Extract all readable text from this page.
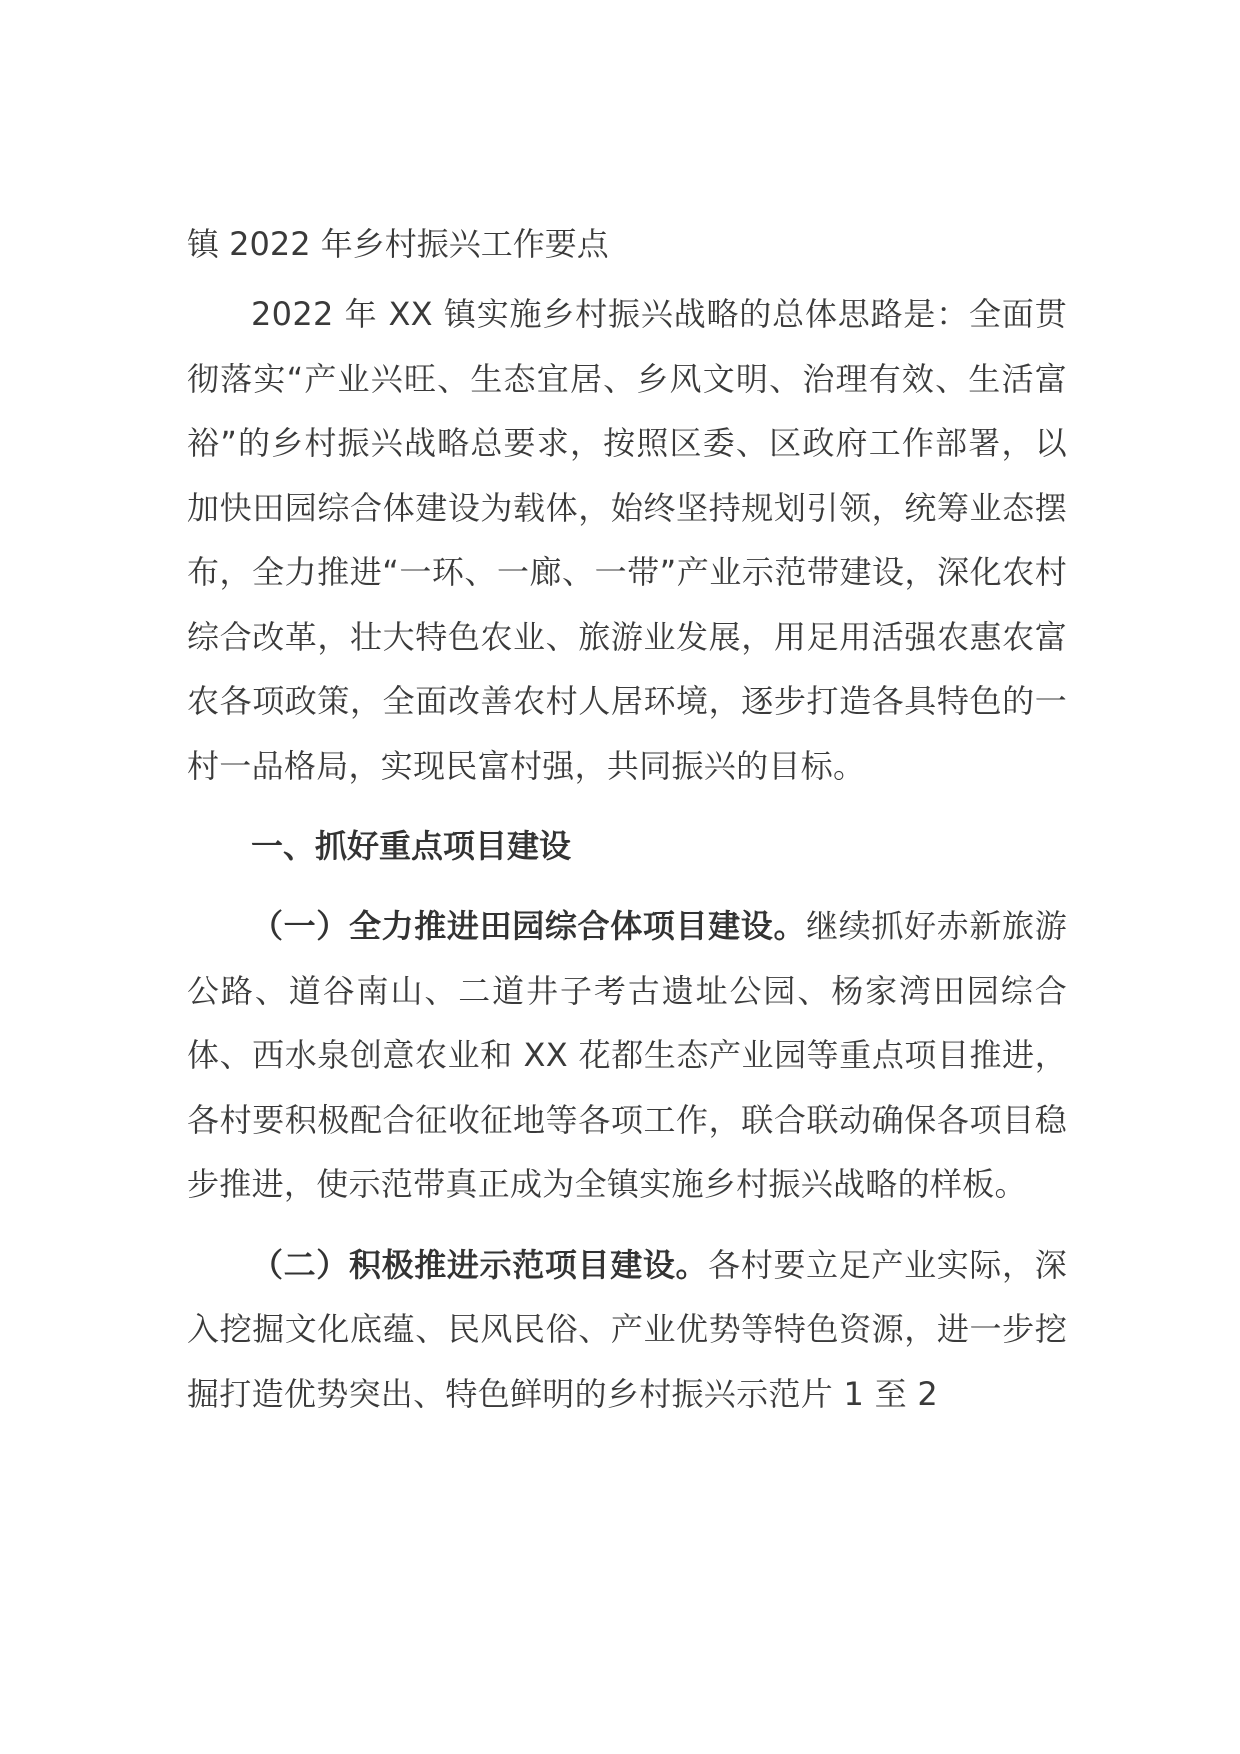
镇 2022 年乡村振兴工作要点

2022 年 XX 镇实施乡村振兴战略的总体思路是：全面贯彻落实“产业兴旺、生态宜居、乡风文明、治理有效、生活富裕”的乡村振兴战略总要求，按照区委、区政府工作部署，以加快田园综合体建设为载体，始终坚持规划引领，统筹业态摆布，全力推进“一环、一廊、一带”产业示范带建设，深化农村综合改革，壮大特色农业、旅游业发展，用足用活强农惠农富农各项政策，全面改善农村人居环境，逐步打造各具特色的一村一品格局，实现民富村强，共同振兴的目标。

一、抓好重点项目建设

（一）全力推进田园综合体项目建设。继续抓好赤新旅游公路、道谷南山、二道井子考古遗址公园、杨家湾田园综合体、西水泉创意农业和 XX 花都生态产业园等重点项目推进，各村要积极配合征收征地等各项工作，联合联动确保各项目稳步推进，使示范带真正成为全镇实施乡村振兴战略的样板。

（二）积极推进示范项目建设。各村要立足产业实际，深入挖掘文化底蕴、民风民俗、产业优势等特色资源，进一步挖掘打造优势突出、特色鲜明的乡村振兴示范片 1 至 2
